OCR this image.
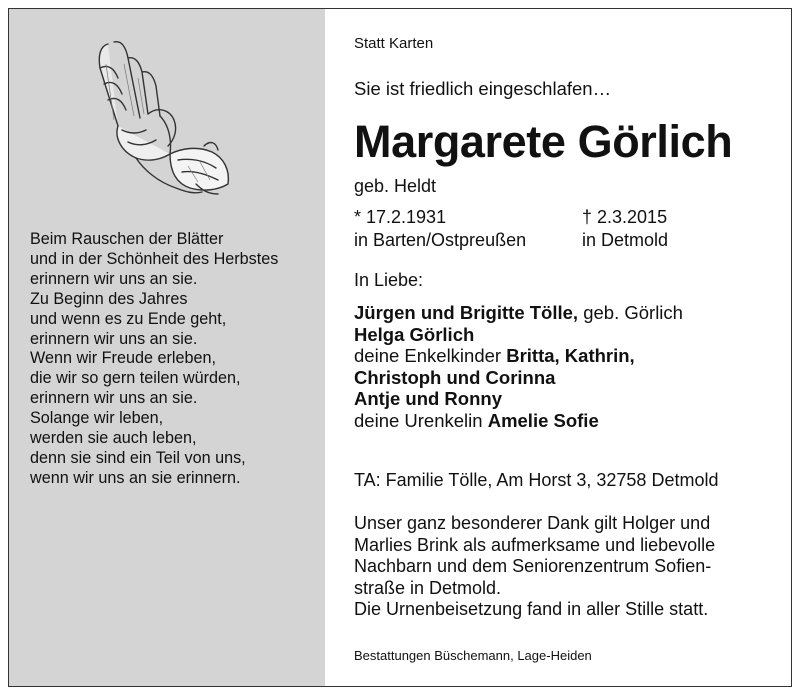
Beim Rauschen der Blätter
und in der Schönheit des Herbstes
erinnern wir uns an sie.
Zu Beginn des Jahres
und wenn es zu Ende geht,
erinnern wir uns an sie.
Wenn wir Freude erleben,
die wir so gern teilen würden,
erinnern wir uns an sie.
Solange wir leben,
werden sie auch leben,
denn sie sind ein Teil von uns,
wenn wir uns an sie erinnern.
Statt Karten
Sie ist friedlich eingeschlafen…
Margarete Görlich
geb. Heldt
* 17.2.1931
in Barten/Ostpreußen
† 2.3.2015
in Detmold
In Liebe:
Jürgen und Brigitte Tölle, geb. Görlich
Helga Görlich
deine Enkelkinder Britta, Kathrin,
Christoph und Corinna
Antje und Ronny
deine Urenkelin Amelie Sofie
TA: Familie Tölle, Am Horst 3, 32758 Detmold
Unser ganz besonderer Dank gilt Holger und
Marlies Brink als aufmerksame und liebevolle
Nachbarn und dem Seniorenzentrum Sofien-
straße in Detmold.
Die Urnenbeisetzung fand in aller Stille statt.
Bestattungen Büschemann, Lage-Heiden
